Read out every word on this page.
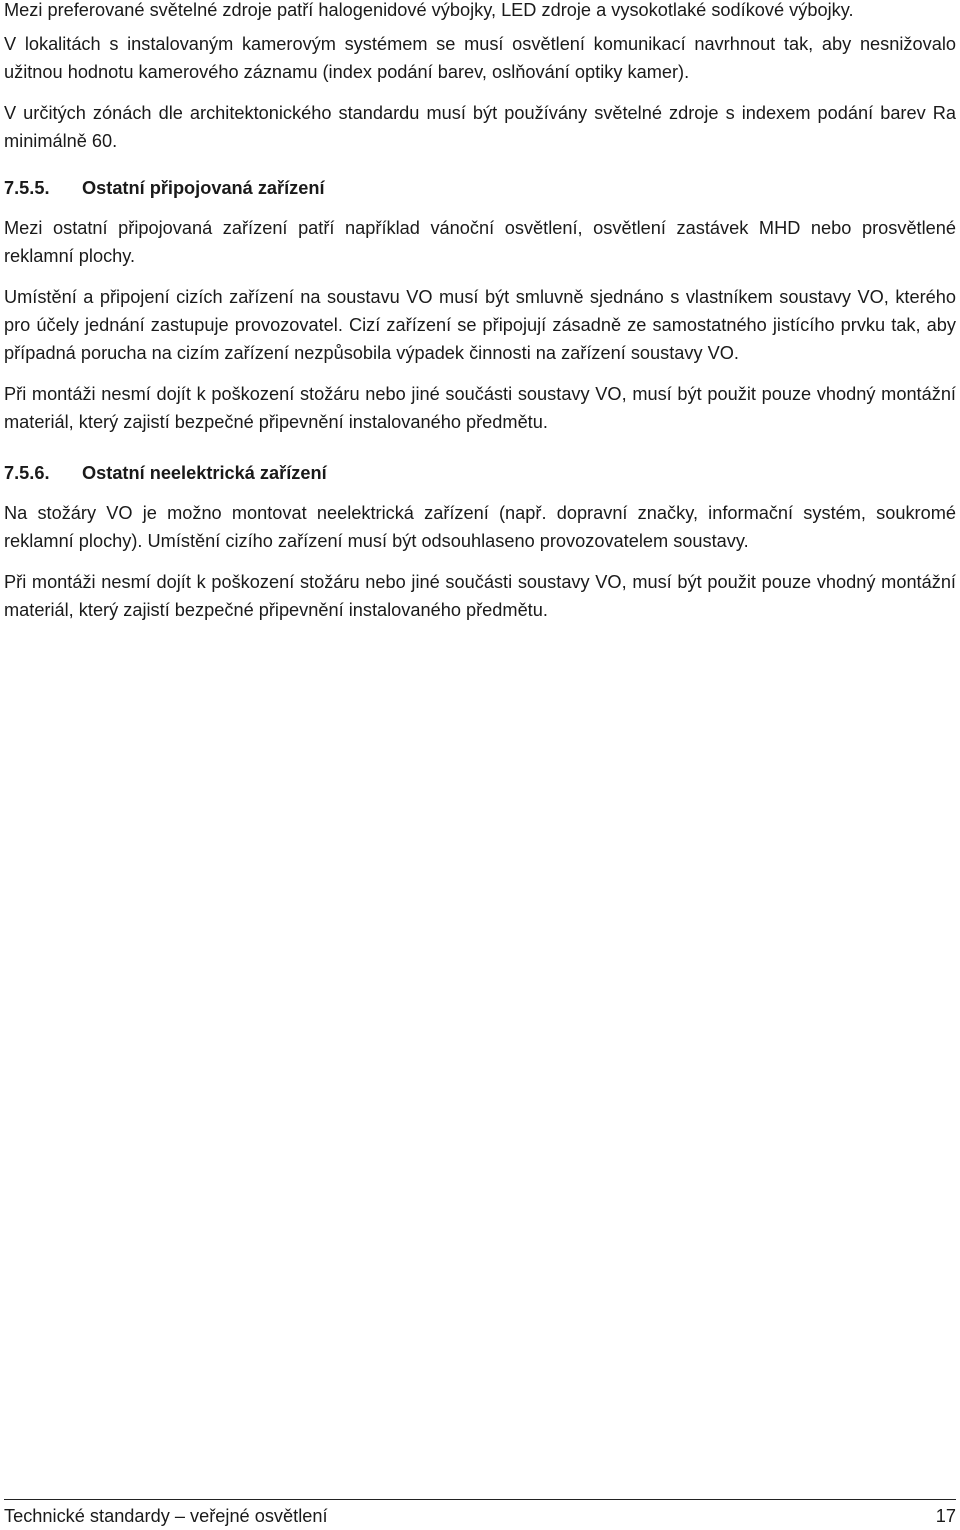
Mezi preferované světelné zdroje patří halogenidové výbojky, LED zdroje a vysokotlaké sodíkové výbojky.

V lokalitách s instalovaným kamerovým systémem se musí osvětlení komunikací navrhnout tak, aby nesnižovalo užitnou hodnotu kamerového záznamu (index podání barev, oslňování optiky kamer).

V určitých zónách dle architektonického standardu musí být používány světelné zdroje s indexem podání barev Ra minimálně 60.

7.5.5. Ostatní připojovaná zařízení

Mezi ostatní připojovaná zařízení patří například vánoční osvětlení, osvětlení zastávek MHD nebo prosvětlené reklamní plochy.

Umístění a připojení cizích zařízení na soustavu VO musí být smluvně sjednáno s vlastníkem soustavy VO, kterého pro účely jednání zastupuje provozovatel. Cizí zařízení se připojují zásadně ze samostatného jistícího prvku tak, aby případná porucha na cizím zařízení nezpůsobila výpadek činnosti na zařízení soustavy VO.

Při montáži nesmí dojít k poškození stožáru nebo jiné součásti soustavy VO, musí být použit pouze vhodný montážní materiál, který zajistí bezpečné připevnění instalovaného předmětu.

7.5.6. Ostatní neelektrická zařízení

Na stožáry VO je možno montovat neelektrická zařízení (např. dopravní značky, informační systém, soukromé reklamní plochy). Umístění cizího zařízení musí být odsouhlaseno provozovatelem soustavy.

Při montáži nesmí dojít k poškození stožáru nebo jiné součásti soustavy VO, musí být použit pouze vhodný montážní materiál, který zajistí bezpečné připevnění instalovaného předmětu.

Technické standardy – veřejné osvětlení	17
